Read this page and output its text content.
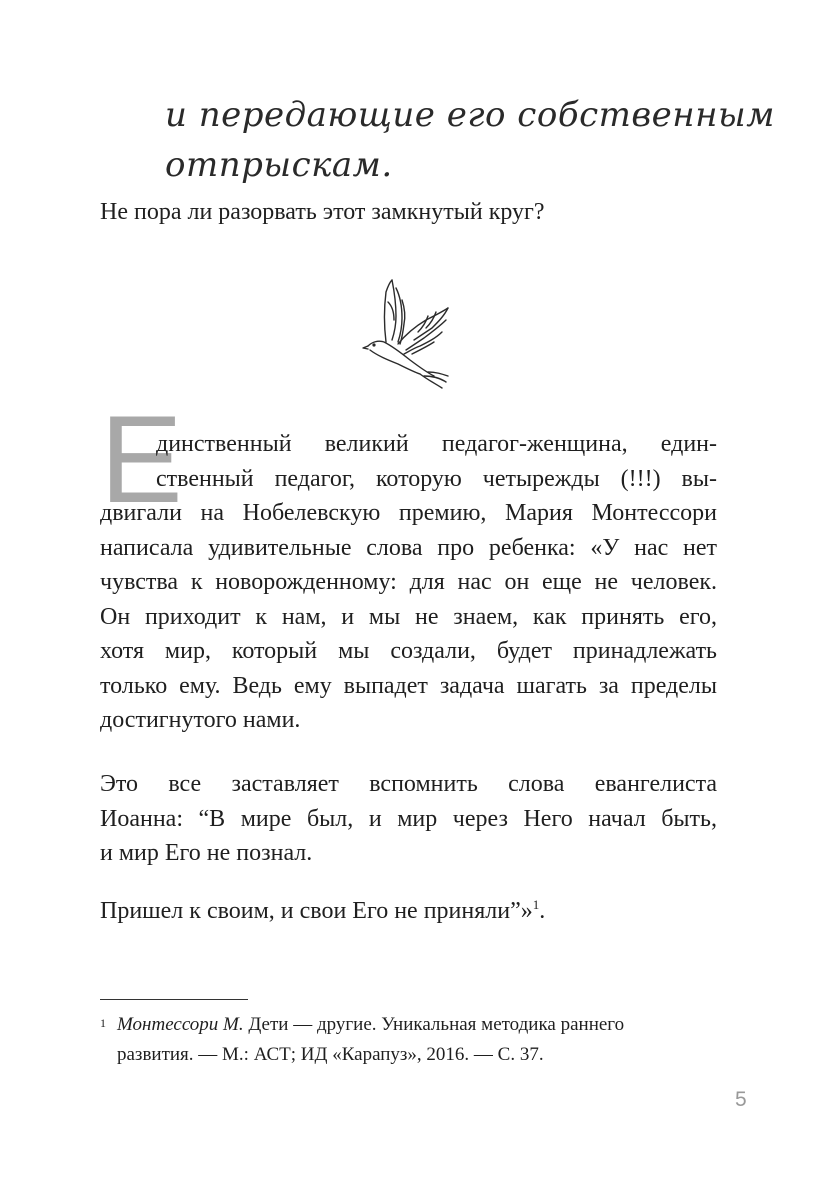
и передающие его собственным
отпрыскам.
Не пора ли разорвать этот замкнутый круг?
Е
динственный великий педагог-женщина, един-
ственный педагог, которую четырежды (!!!) вы-
двигали на Нобелевскую премию, Мария Монтессори
написала удивительные слова про ребенка: «У нас нет
чувства к новорожденному: для нас он еще не человек.
Он приходит к нам, и мы не знаем, как принять его,
хотя мир, который мы создали, будет принадлежать
только ему. Ведь ему выпадет задача шагать за пределы
достигнутого нами.
Это все заставляет вспомнить слова евангелиста
Иоанна: “В мире был, и мир через Него начал быть,
и мир Его не познал.
Пришел к своим, и свои Его не приняли”»$^1$.
1 Монтессори М. Дети — другие. Уникальная методика раннего
развития. — М.: АСТ; ИД «Карапуз», 2016. — С. 37.
5
